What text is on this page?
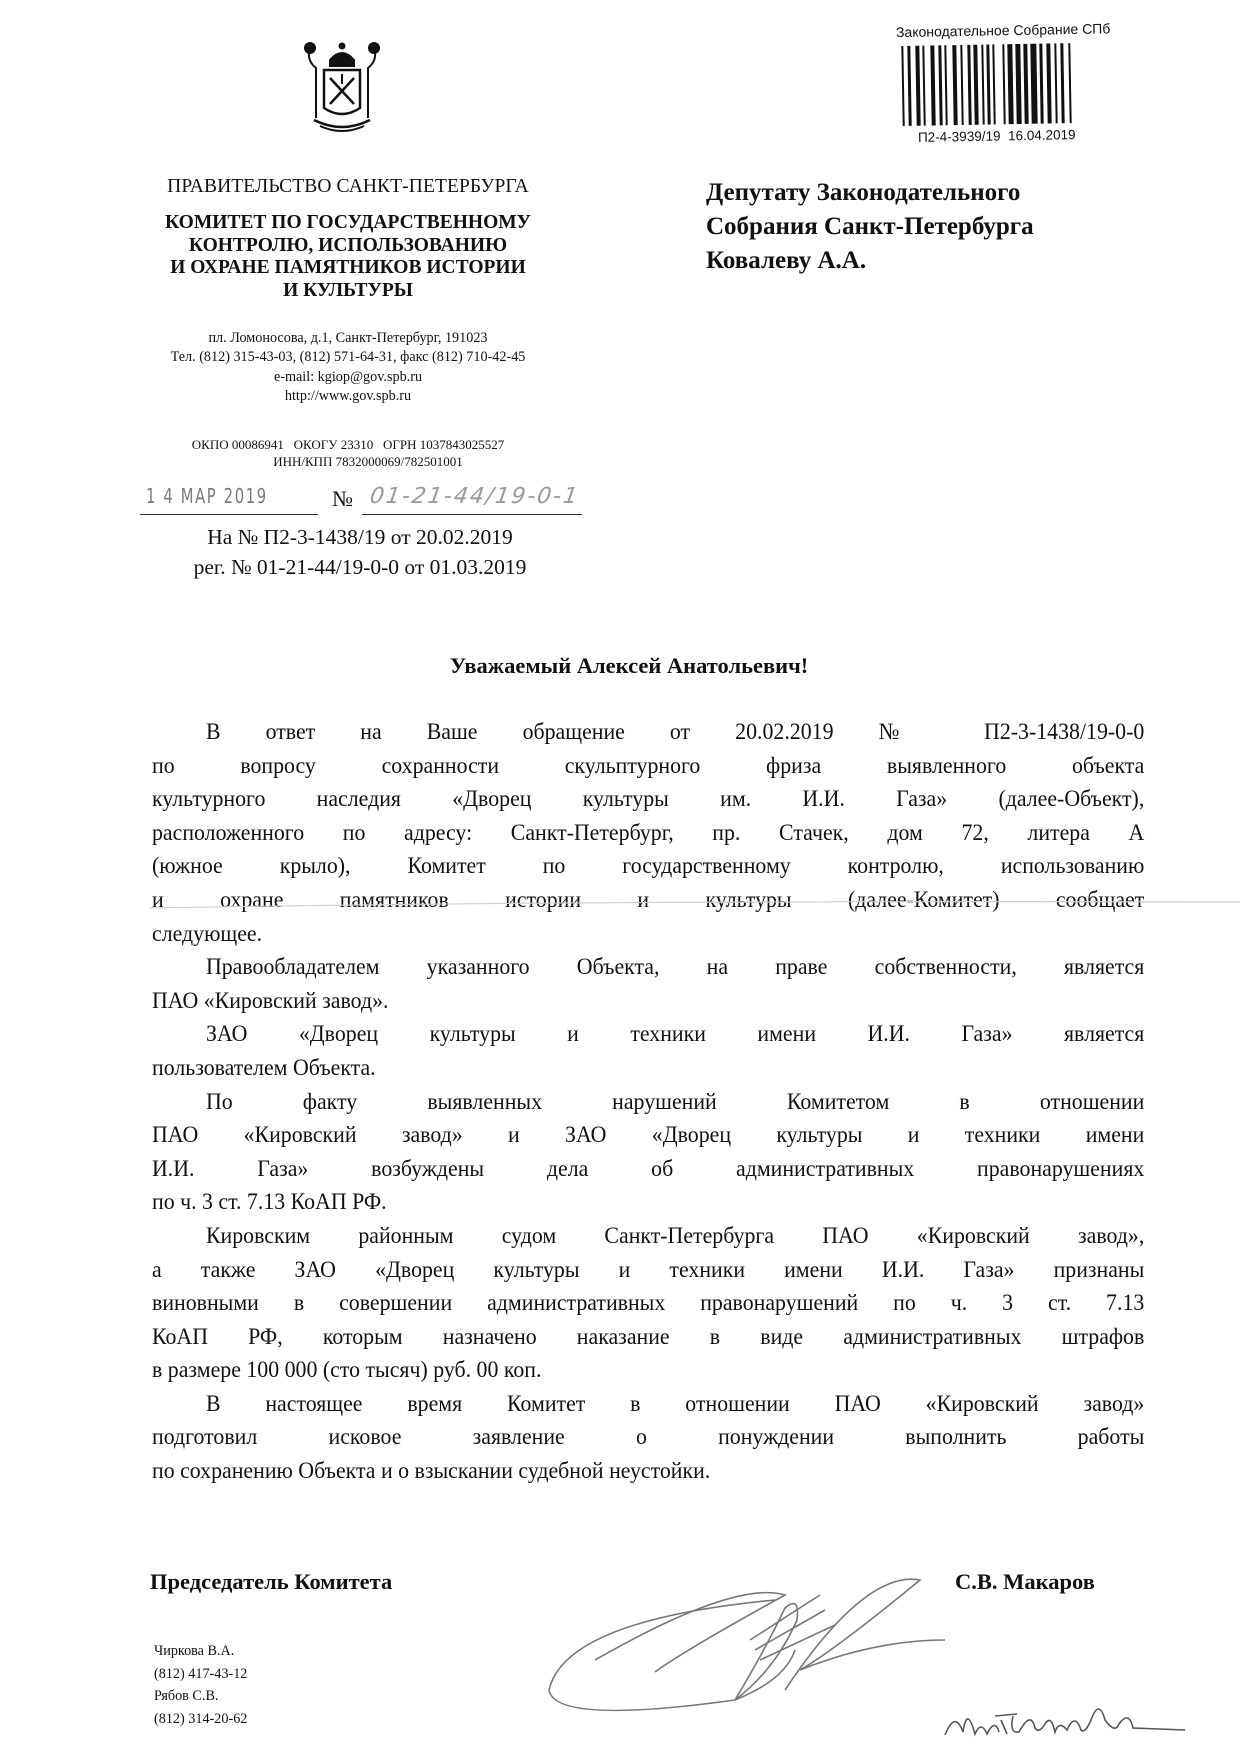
ПРАВИТЕЛЬСТВО САНКТ-ПЕТЕРБУРГА
КОМИТЕТ ПО ГОСУДАРСТВЕННОМУ
КОНТРОЛЮ, ИСПОЛЬЗОВАНИЮ
И ОХРАНЕ ПАМЯТНИКОВ ИСТОРИИ
И КУЛЬТУРЫ
пл. Ломоносова, д.1, Санкт-Петербург, 191023
Тел. (812) 315-43-03, (812) 571-64-31, факс (812) 710-42-45
e-mail: kgiop@gov.spb.ru
http://www.gov.spb.ru
ОКПО 00086941   ОКОГУ 23310   ОГРН 1037843025527
ИНН/КПП 7832000069/782501001
1 4 МАР 2019	№ 01-21-44/19-0-1
На № П2-3-1438/19 от 20.02.2019
рег. № 01-21-44/19-0-0 от 01.03.2019
Законодательное Собрание СПб
П2-4-3939/19 16.04.2019
Депутату Законодательного
Собрания Санкт-Петербурга
Ковалеву А.А.
Уважаемый Алексей Анатольевич!

В ответ на Ваше обращение от 20.02.2019 № П2-3-1438/19-0-0
по вопросу сохранности скульптурного фриза выявленного объекта
культурного наследия «Дворец культуры им. И.И. Газа» (далее-Объект),
расположенного по адресу: Санкт-Петербург, пр. Стачек, дом 72, литера А
(южное крыло), Комитет по государственному контролю, использованию
и охране памятников истории и культуры (далее-Комитет) сообщает
следующее.

Правообладателем указанного Объекта, на праве собственности, является
ПАО «Кировский завод».

ЗАО «Дворец культуры и техники имени И.И. Газа» является
пользователем Объекта.

По факту выявленных нарушений Комитетом в отношении
ПАО «Кировский завод» и ЗАО «Дворец культуры и техники имени
И.И. Газа» возбуждены дела об административных правонарушениях
по ч. 3 ст. 7.13 КоАП РФ.

Кировским районным судом Санкт-Петербурга ПАО «Кировский завод»,
а также ЗАО «Дворец культуры и техники имени И.И. Газа» признаны
виновными в совершении административных правонарушений по ч. 3 ст. 7.13
КоАП РФ, которым назначено наказание в виде административных штрафов
в размере 100 000 (сто тысяч) руб. 00 коп.

В настоящее время Комитет в отношении ПАО «Кировский завод»
подготовил исковое заявление о понуждении выполнить работы
по сохранению Объекта и о взыскании судебной неустойки.

Председатель Комитета	С.В. Макаров
Чиркова В.А.
(812) 417-43-12
Рябов С.В.
(812) 314-20-62
